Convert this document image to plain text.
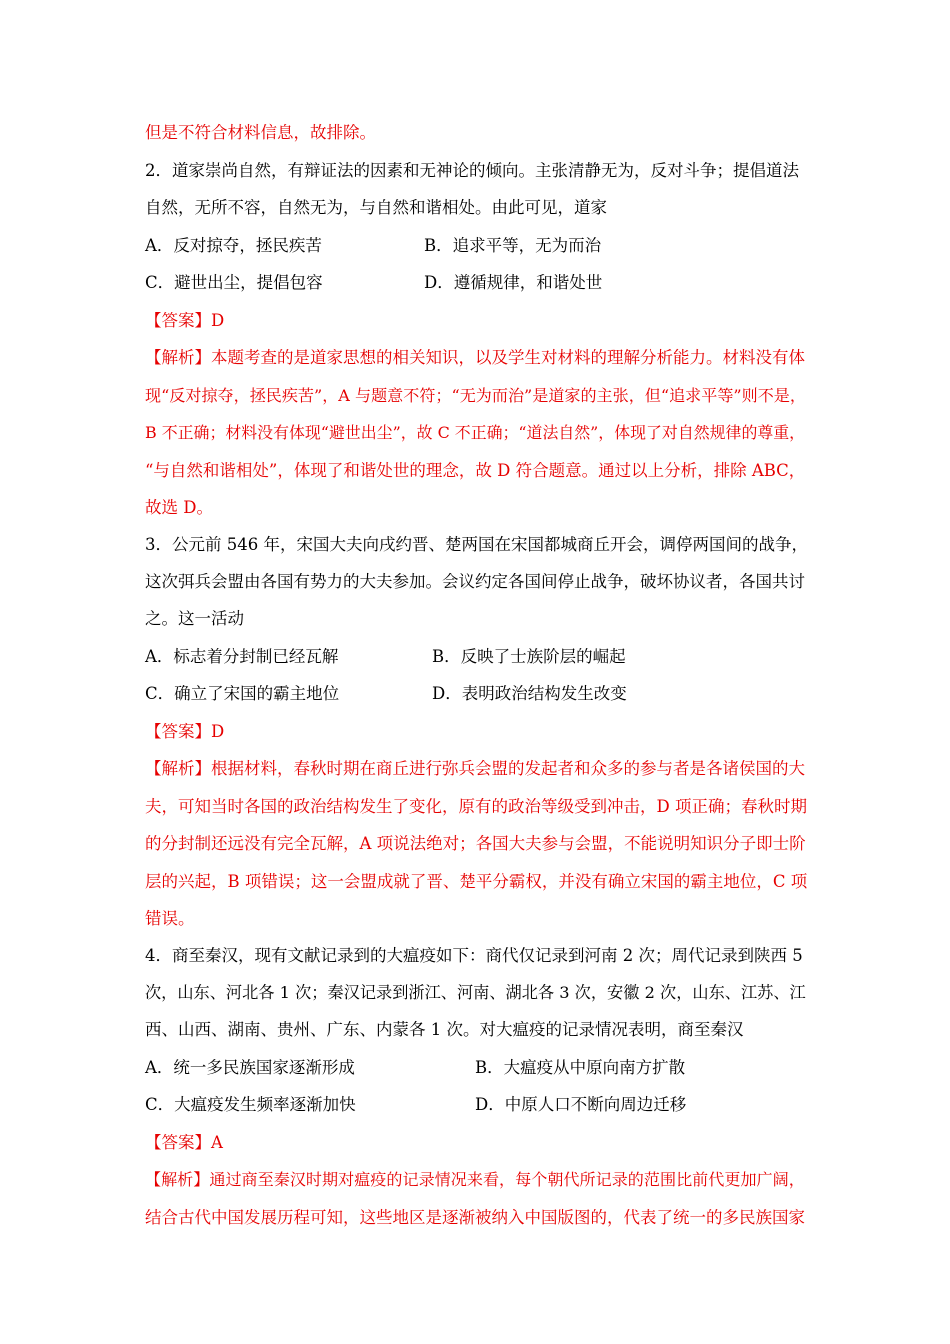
但是不符合材料信息，故排除。
2．道家崇尚自然，有辩证法的因素和无神论的倾向。主张清静无为，反对斗争；提倡道法
自然，无所不容，自然无为，与自然和谐相处。由此可见，道家
A．反对掠夺，拯民疾苦	B．追求平等，无为而治
C．避世出尘，提倡包容	D．遵循规律，和谐处世
【答案】D
【解析】本题考查的是道家思想的相关知识，以及学生对材料的理解分析能力。材料没有体
现“反对掠夺，拯民疾苦”，A 与题意不符；“无为而治”是道家的主张，但“追求平等”则不是，
B 不正确；材料没有体现“避世出尘”，故 C 不正确；“道法自然”，体现了对自然规律的尊重，
“与自然和谐相处”，体现了和谐处世的理念，故 D 符合题意。通过以上分析，排除 ABC，
故选 D。
3．公元前 546 年，宋国大夫向戌约晋、楚两国在宋国都城商丘开会，调停两国间的战争，
这次弭兵会盟由各国有势力的大夫参加。会议约定各国间停止战争，破坏协议者，各国共讨
之。这一活动
A．标志着分封制已经瓦解	B．反映了士族阶层的崛起
C．确立了宋国的霸主地位	D．表明政治结构发生改变
【答案】D
【解析】根据材料，春秋时期在商丘进行弥兵会盟的发起者和众多的参与者是各诸侯国的大
夫，可知当时各国的政治结构发生了变化，原有的政治等级受到冲击，D 项正确；春秋时期
的分封制还远没有完全瓦解，A 项说法绝对；各国大夫参与会盟，不能说明知识分子即士阶
层的兴起，B 项错误；这一会盟成就了晋、楚平分霸权，并没有确立宋国的霸主地位，C 项
错误。
4．商至秦汉，现有文献记录到的大瘟疫如下：商代仅记录到河南 2 次；周代记录到陕西 5
次，山东、河北各 1 次；秦汉记录到浙江、河南、湖北各 3 次，安徽 2 次，山东、江苏、江
西、山西、湖南、贵州、广东、内蒙各 1 次。对大瘟疫的记录情况表明，商至秦汉
A．统一多民族国家逐渐形成	B．大瘟疫从中原向南方扩散
C．大瘟疫发生频率逐渐加快	D．中原人口不断向周边迁移
【答案】A
【解析】通过商至秦汉时期对瘟疫的记录情况来看，每个朝代所记录的范围比前代更加广阔，
结合古代中国发展历程可知，这些地区是逐渐被纳入中国版图的，代表了统一的多民族国家
